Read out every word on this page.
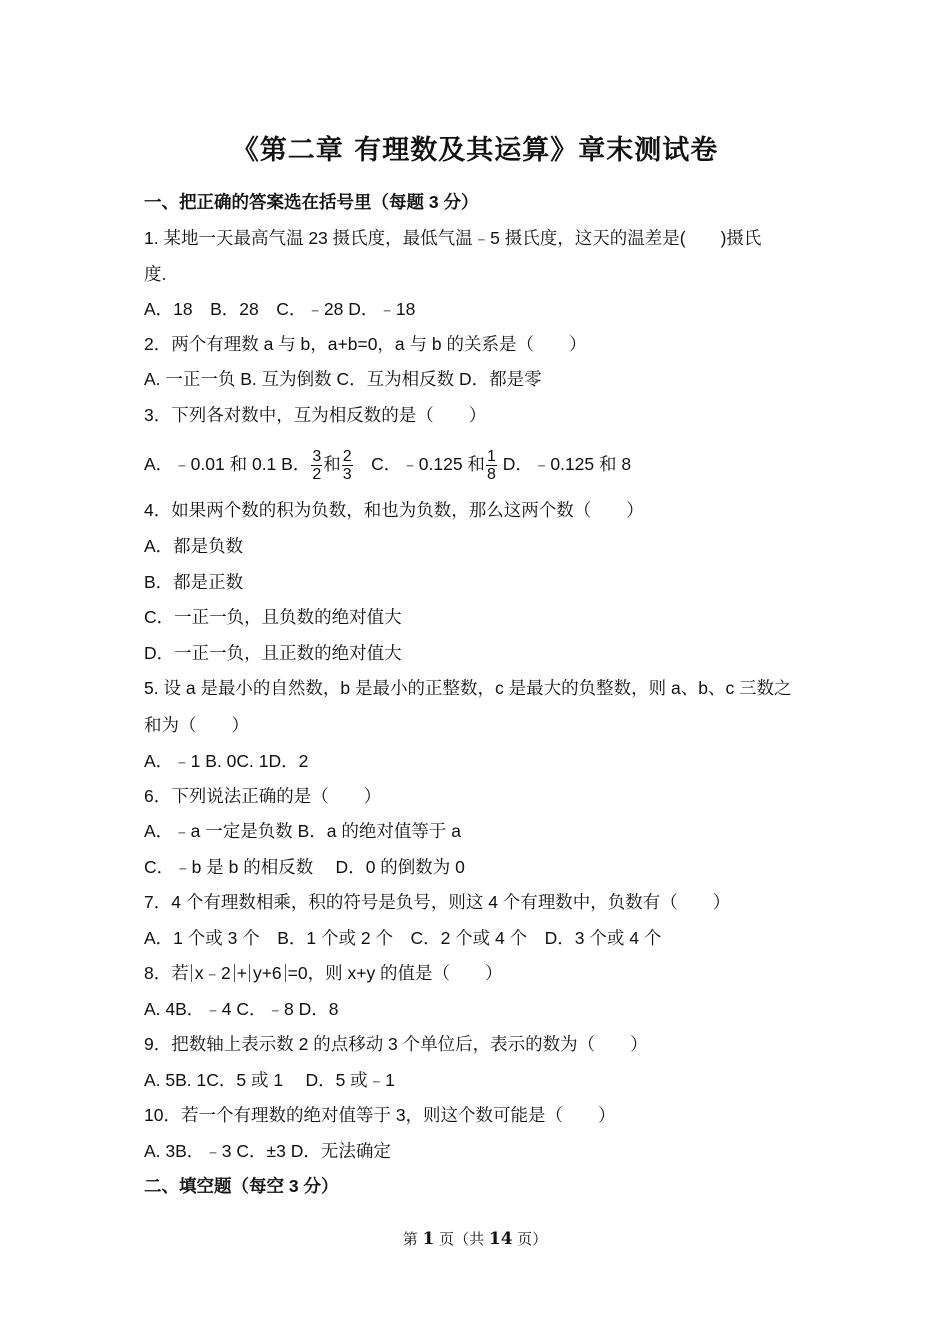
《第二章 有理数及其运算》章末测试卷
一、把正确的答案选在括号里（每题 3 分）
1. 某地一天最高气温 23 摄氏度，最低气温﹣5 摄氏度，这天的温差是(　　)摄氏
度.
A．18　B．28　C．﹣28 D．﹣18
2．两个有理数 a 与 b，a+b=0，a 与 b 的关系是（　　）
A. 一正一负 B. 互为倒数 C．互为相反数 D．都是零
3．下列各对数中，互为相反数的是（　　）
A．﹣0.01 和 0.1 B． $\frac{3}{2}$ 和 $\frac{2}{3}$ 　C．﹣0.125 和 $\frac{1}{8}$ D．﹣0.125 和 8
4．如果两个数的积为负数，和也为负数，那么这两个数（　　）
A．都是负数
B．都是正数
C．一正一负，且负数的绝对值大
D．一正一负，且正数的绝对值大
5. 设 a 是最小的自然数，b 是最小的正整数，c 是最大的负整数，则 a、b、c 三数之
和为（　　）
A．﹣1 B. 0C. 1D．2
6．下列说法正确的是（　　）
A．﹣a 一定是负数 B．a 的绝对值等于 a
C．﹣b 是 b 的相反数　 D．0 的倒数为 0
7．4 个有理数相乘，积的符号是负号，则这 4 个有理数中，负数有（　　）
A．1 个或 3 个　B．1 个或 2 个　C．2 个或 4 个　D．3 个或 4 个
8．若 x﹣2 + y+6 =0，则 x+y 的值是（　　）
A. 4B．﹣4 C．﹣8 D．8
9．把数轴上表示数 2 的点移动 3 个单位后，表示的数为（　　）
A. 5B. 1C．5 或 1　 D．5 或﹣1
10．若一个有理数的绝对值等于 3，则这个数可能是（　　）
A. 3B．﹣3 C．±3 D．无法确定
二、填空题（每空 3 分）
第 1 页（共 14 页）
